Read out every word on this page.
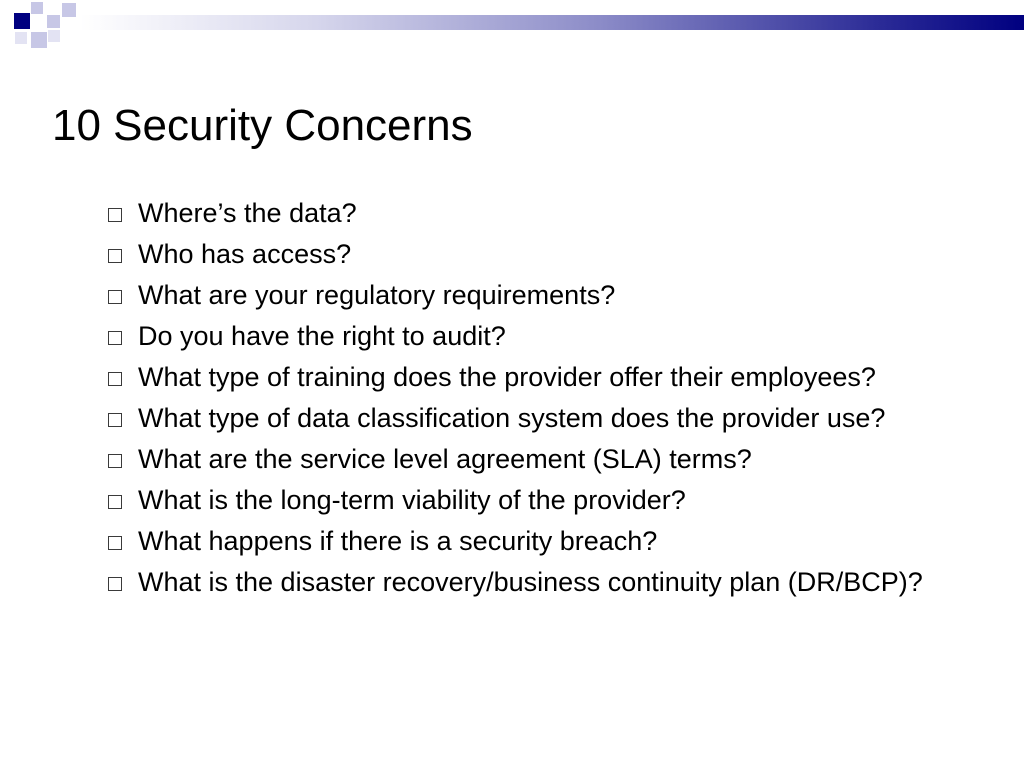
10 Security Concerns
Where’s the data?
Who has access?
What are your regulatory requirements?
Do you have the right to audit?
What type of training does the provider offer their employees?
What type of data classification system does the provider use?
What are the service level agreement (SLA) terms?
What is the long-term viability of the provider?
What happens if there is a security breach?
What is the disaster recovery/business continuity plan (DR/BCP)?
